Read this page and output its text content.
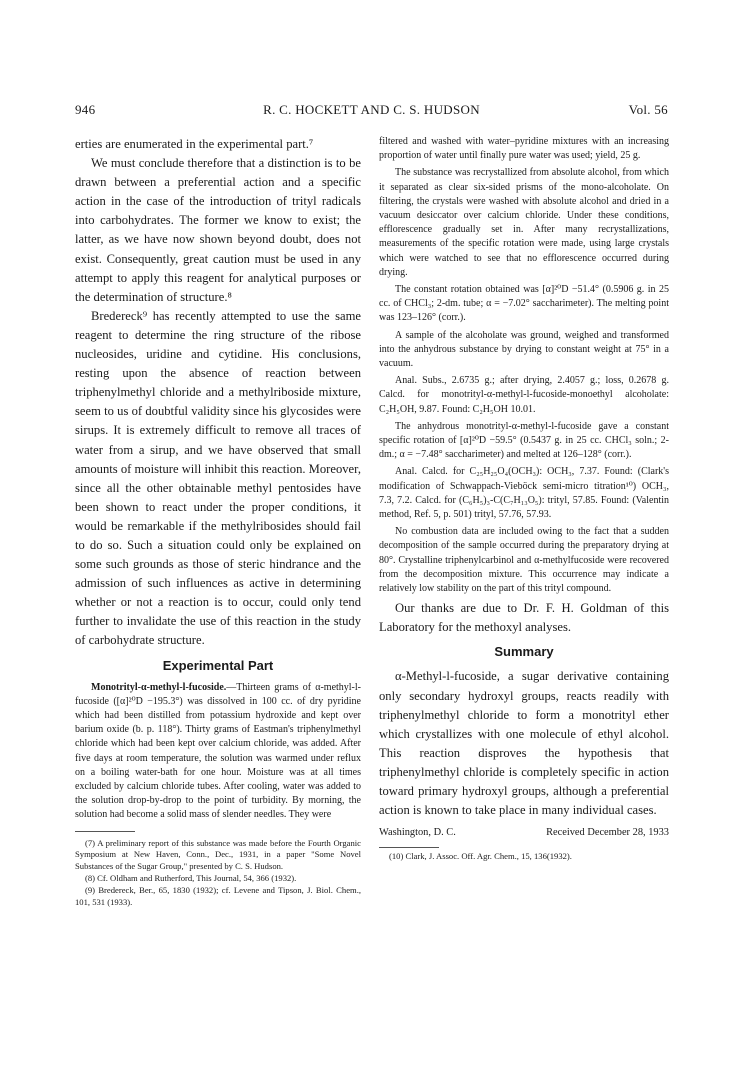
946	R. C. HOCKETT AND C. S. HUDSON	Vol. 56

erties are enumerated in the experimental part.⁷

We must conclude therefore that a distinction is to be drawn between a preferential action and a specific action in the case of the introduction of trityl radicals into carbohydrates. The former we know to exist; the latter, as we have now shown beyond doubt, does not exist. Consequently, great caution must be used in any attempt to apply this reagent for analytical purposes or the determination of structure.⁸

Bredereck⁹ has recently attempted to use the same reagent to determine the ring structure of the ribose nucleosides, uridine and cytidine. His conclusions, resting upon the absence of reaction between triphenylmethyl chloride and a methylriboside mixture, seem to us of doubtful validity since his glycosides were sirups. It is extremely difficult to remove all traces of water from a sirup, and we have observed that small amounts of moisture will inhibit this reaction. Moreover, since all the other obtainable methyl pentosides have been shown to react under the proper conditions, it would be remarkable if the methylribosides should fail to do so. Such a situation could only be explained on some such grounds as those of steric hindrance and the admission of such influences as active in determining whether or not a reaction is to occur, could only tend further to invalidate the use of this reaction in the study of carbohydrate structure.

Experimental Part

Monotrityl-α-methyl-l-fucoside.—Thirteen grams of α-methyl-l-fucoside ([α]²⁰D −195.3°) was dissolved in 100 cc. of dry pyridine which had been distilled from potassium hydroxide and kept over barium oxide (b. p. 118°). Thirty grams of Eastman's triphenylmethyl chloride which had been kept over calcium chloride, was added. After five days at room temperature, the solution was warmed under reflux on a boiling water-bath for one hour. Moisture was at all times excluded by calcium chloride tubes. After cooling, water was added to the solution drop-by-drop to the point of turbidity. By morning, the solution had become a solid mass of slender needles. They were

(7) A preliminary report of this substance was made before the Fourth Organic Symposium at New Haven, Conn., Dec., 1931, in a paper "Some Novel Substances of the Sugar Group," presented by C. S. Hudson.

(8) Cf. Oldham and Rutherford, This Journal, 54, 366 (1932).

(9) Bredereck, Ber., 65, 1830 (1932); cf. Levene and Tipson, J. Biol. Chem., 101, 531 (1933).

filtered and washed with water–pyridine mixtures with an increasing proportion of water until finally pure water was used; yield, 25 g.

The substance was recrystallized from absolute alcohol, from which it separated as clear six-sided prisms of the mono-alcoholate. On filtering, the crystals were washed with absolute alcohol and dried in a vacuum desiccator over calcium chloride. Under these conditions, efflorescence gradually set in. After many recrystallizations, measurements of the specific rotation were made, using large crystals which were watched to see that no efflorescence occurred during drying.

The constant rotation obtained was [α]²⁰D −51.4° (0.5906 g. in 25 cc. of CHCl₃; 2-dm. tube; α = −7.02° saccharimeter). The melting point was 123–126° (corr.).

A sample of the alcoholate was ground, weighed and transformed into the anhydrous substance by drying to constant weight at 75° in a vacuum.

Anal. Subs., 2.6735 g.; after drying, 2.4057 g.; loss, 0.2678 g. Calcd. for monotrityl-α-methyl-l-fucoside-monoethyl alcoholate: C₂H₅OH, 9.87. Found: C₂H₅OH 10.01.

The anhydrous monotrityl-α-methyl-l-fucoside gave a constant specific rotation of [α]²⁰D −59.5° (0.5437 g. in 25 cc. CHCl₃ soln.; 2-dm.; α = −7.48° saccharimeter) and melted at 126–128° (corr.).

Anal. Calcd. for C₂₅H₂₅O₄(OCH₃): OCH₃, 7.37. Found: (Clark's modification of Schwappach-Vieböck semi-micro titration¹⁰) OCH₃, 7.3, 7.2. Calcd. for (C₆H₅)₃-C(C₇H₁₃O₅): trityl, 57.85. Found: (Valentin method, Ref. 5, p. 501) trityl, 57.76, 57.93.

No combustion data are included owing to the fact that a sudden decomposition of the sample occurred during the preparatory drying at 80°. Crystalline triphenylcarbinol and α-methylfucoside were recovered from the decomposition mixture. This occurrence may indicate a relatively low stability on the part of this trityl compound.

Our thanks are due to Dr. F. H. Goldman of this Laboratory for the methoxyl analyses.

Summary

α-Methyl-l-fucoside, a sugar derivative containing only secondary hydroxyl groups, reacts readily with triphenylmethyl chloride to form a monotrityl ether which crystallizes with one molecule of ethyl alcohol. This reaction disproves the hypothesis that triphenylmethyl chloride is completely specific in action toward primary hydroxyl groups, although a preferential action is known to take place in many individual cases.

Washington, D. C.	Received December 28, 1933

(10) Clark, J. Assoc. Off. Agr. Chem., 15, 136(1932).
